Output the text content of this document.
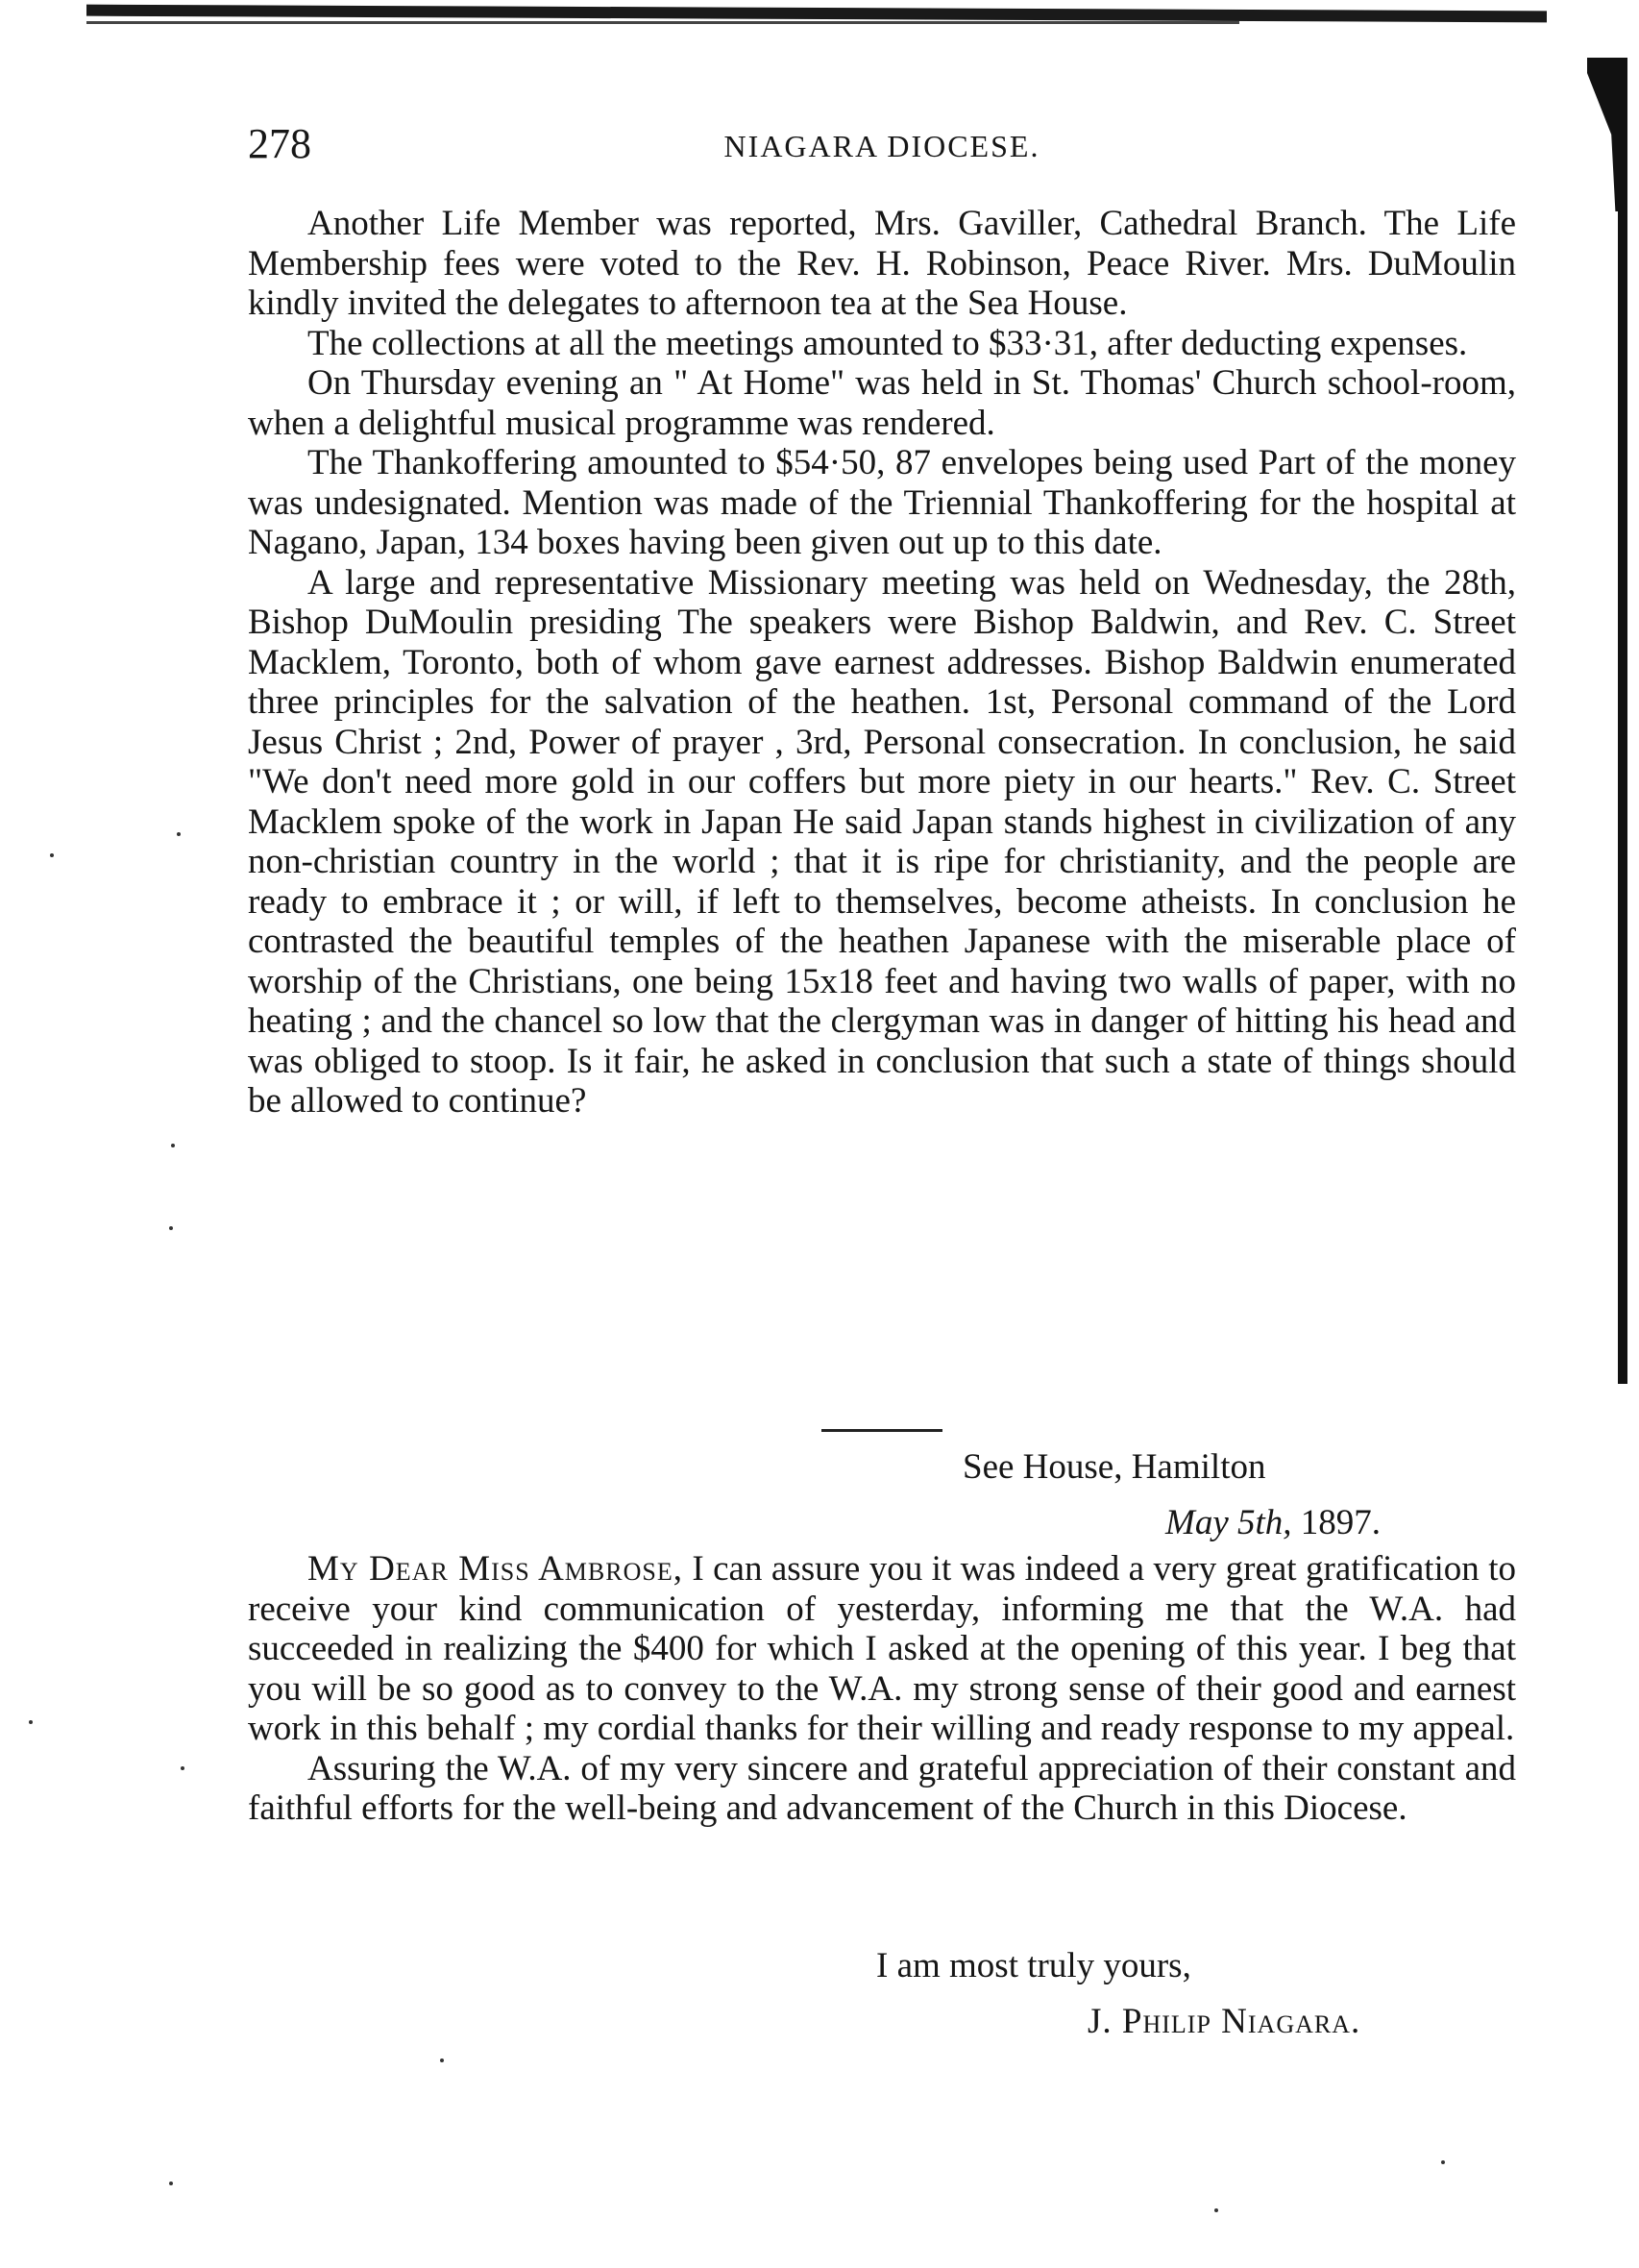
278	NIAGARA DIOCESE.

Another Life Member was reported, Mrs. Gaviller, Cathedral Branch. The Life Membership fees were voted to the Rev. H. Robinson, Peace River. Mrs. DuMoulin kindly invited the delegates to afternoon tea at the Sea House.

The collections at all the meetings amounted to $33·31, after deducting expenses.

On Thursday evening an " At Home" was held in St. Thomas' Church school-room, when a delightful musical programme was rendered.

The Thankoffering amounted to $54·50, 87 envelopes being used Part of the money was undesignated. Mention was made of the Triennial Thankoffering for the hospital at Nagano, Japan, 134 boxes having been given out up to this date.

A large and representative Missionary meeting was held on Wednesday, the 28th, Bishop DuMoulin presiding The speakers were Bishop Baldwin, and Rev. C. Street Macklem, Toronto, both of whom gave earnest addresses. Bishop Baldwin enumerated three principles for the salvation of the heathen. 1st, Personal command of the Lord Jesus Christ ; 2nd, Power of prayer , 3rd, Personal consecration. In conclusion, he said "We don't need more gold in our coffers but more piety in our hearts." Rev. C. Street Macklem spoke of the work in Japan He said Japan stands highest in civilization of any non-christian country in the world ; that it is ripe for christianity, and the people are ready to embrace it ; or will, if left to themselves, become atheists. In conclusion he contrasted the beautiful temples of the heathen Japanese with the miserable place of worship of the Christians, one being 15x18 feet and having two walls of paper, with no heating ; and the chancel so low that the clergyman was in danger of hitting his head and was obliged to stoop. Is it fair, he asked in conclusion that such a state of things should be allowed to continue?

See House, Hamilton
May 5th, 1897.

My Dear Miss Ambrose, I can assure you it was indeed a very great gratification to receive your kind communication of yesterday, informing me that the W.A. had succeeded in realizing the $400 for which I asked at the opening of this year. I beg that you will be so good as to convey to the W.A. my strong sense of their good and earnest work in this behalf ; my cordial thanks for their willing and ready response to my appeal.

Assuring the W.A. of my very sincere and grateful appreciation of their constant and faithful efforts for the well-being and advancement of the Church in this Diocese.

I am most truly yours,
J. Philip Niagara.
